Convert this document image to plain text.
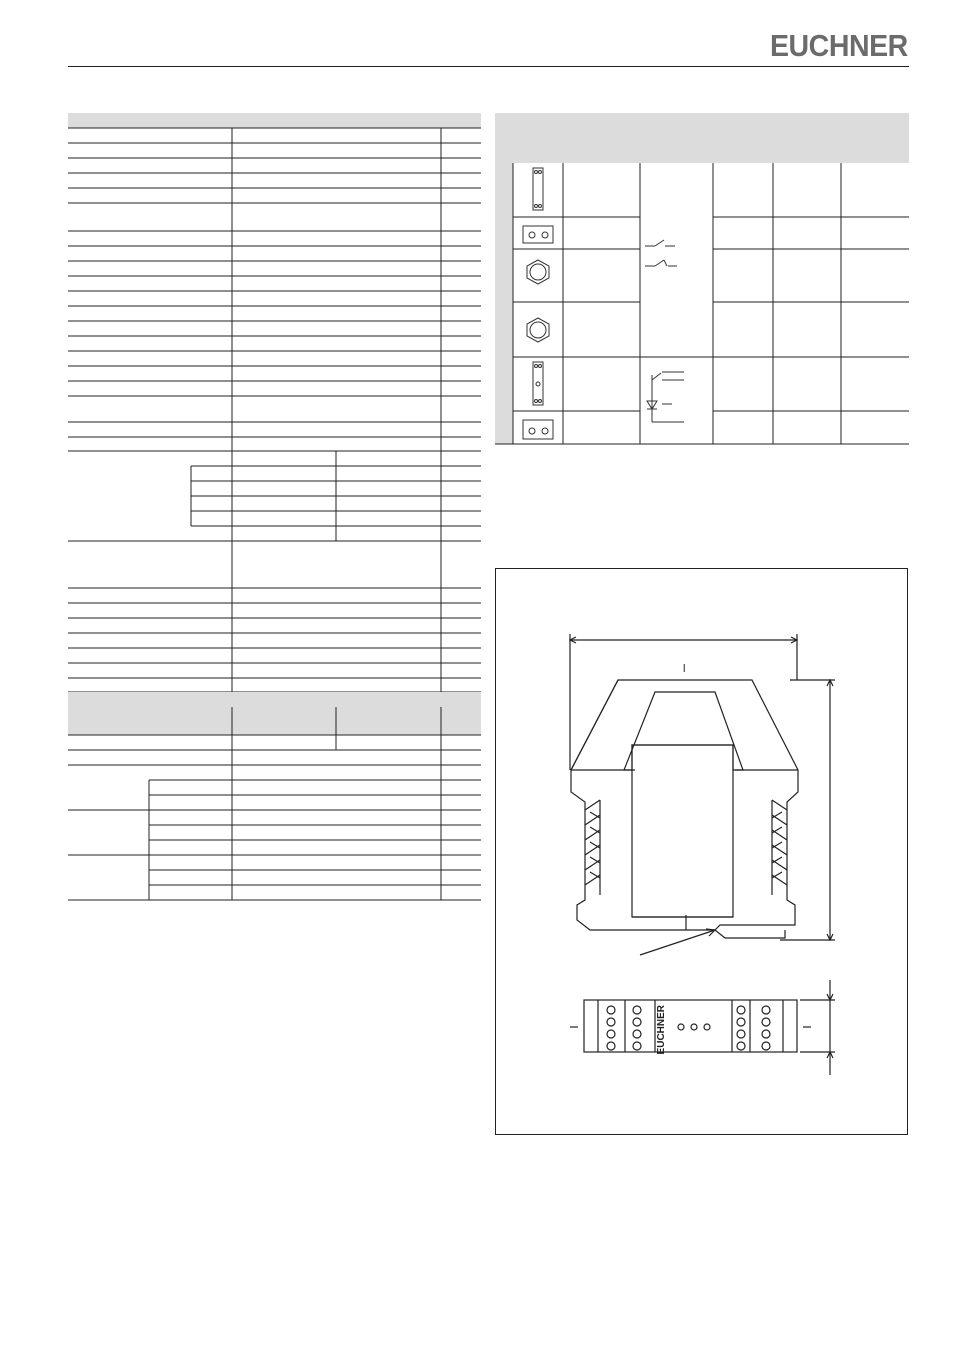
EUCHNER
l
EUCHNER
